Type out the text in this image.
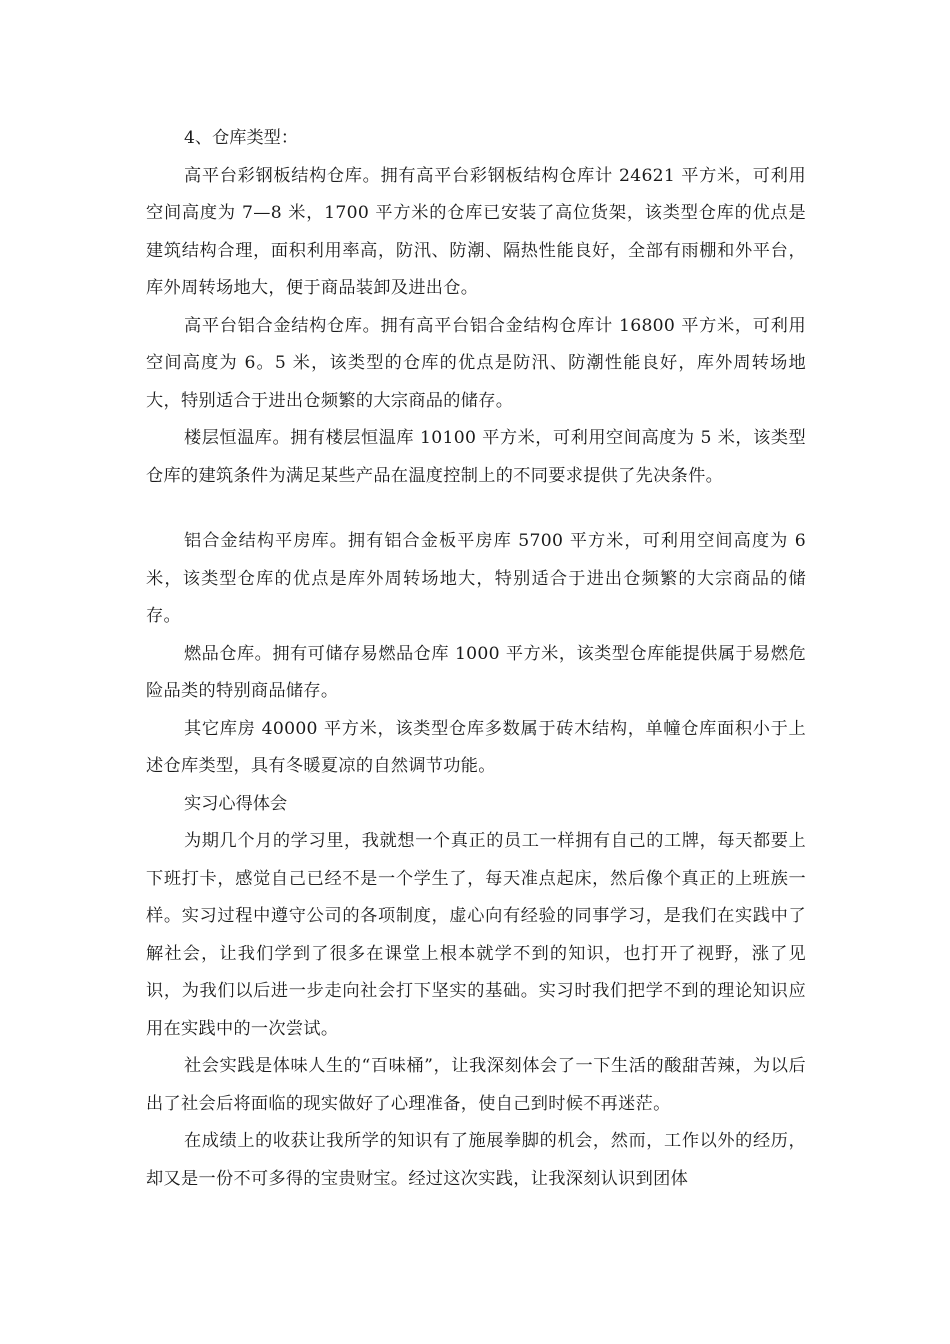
4、仓库类型：

高平台彩钢板结构仓库。拥有高平台彩钢板结构仓库计 24621 平方米，可利用空间高度为 7—8 米，1700 平方米的仓库已安装了高位货架，该类型仓库的优点是建筑结构合理，面积利用率高，防汛、防潮、隔热性能良好，全部有雨棚和外平台，库外周转场地大，便于商品装卸及进出仓。

高平台铝合金结构仓库。拥有高平台铝合金结构仓库计 16800 平方米，可利用空间高度为 6。5 米，该类型的仓库的优点是防汛、防潮性能良好，库外周转场地大，特别适合于进出仓频繁的大宗商品的储存。

楼层恒温库。拥有楼层恒温库 10100 平方米，可利用空间高度为 5 米，该类型仓库的建筑条件为满足某些产品在温度控制上的不同要求提供了先决条件。

铝合金结构平房库。拥有铝合金板平房库 5700 平方米，可利用空间高度为 6 米，该类型仓库的优点是库外周转场地大，特别适合于进出仓频繁的大宗商品的储存。

燃品仓库。拥有可储存易燃品仓库 1000 平方米，该类型仓库能提供属于易燃危险品类的特别商品储存。

其它库房 40000 平方米，该类型仓库多数属于砖木结构，单幢仓库面积小于上述仓库类型，具有冬暖夏凉的自然调节功能。

实习心得体会

为期几个月的学习里，我就想一个真正的员工一样拥有自己的工牌，每天都要上下班打卡，感觉自己已经不是一个学生了，每天准点起床，然后像个真正的上班族一样。实习过程中遵守公司的各项制度，虚心向有经验的同事学习，是我们在实践中了解社会，让我们学到了很多在课堂上根本就学不到的知识，也打开了视野，涨了见识，为我们以后进一步走向社会打下坚实的基础。实习时我们把学不到的理论知识应用在实践中的一次尝试。

社会实践是体味人生的“百味桶”，让我深刻体会了一下生活的酸甜苦辣，为以后出了社会后将面临的现实做好了心理准备，使自己到时候不再迷茫。

在成绩上的收获让我所学的知识有了施展拳脚的机会，然而，工作以外的经历，却又是一份不可多得的宝贵财宝。经过这次实践，让我深刻认识到团体
